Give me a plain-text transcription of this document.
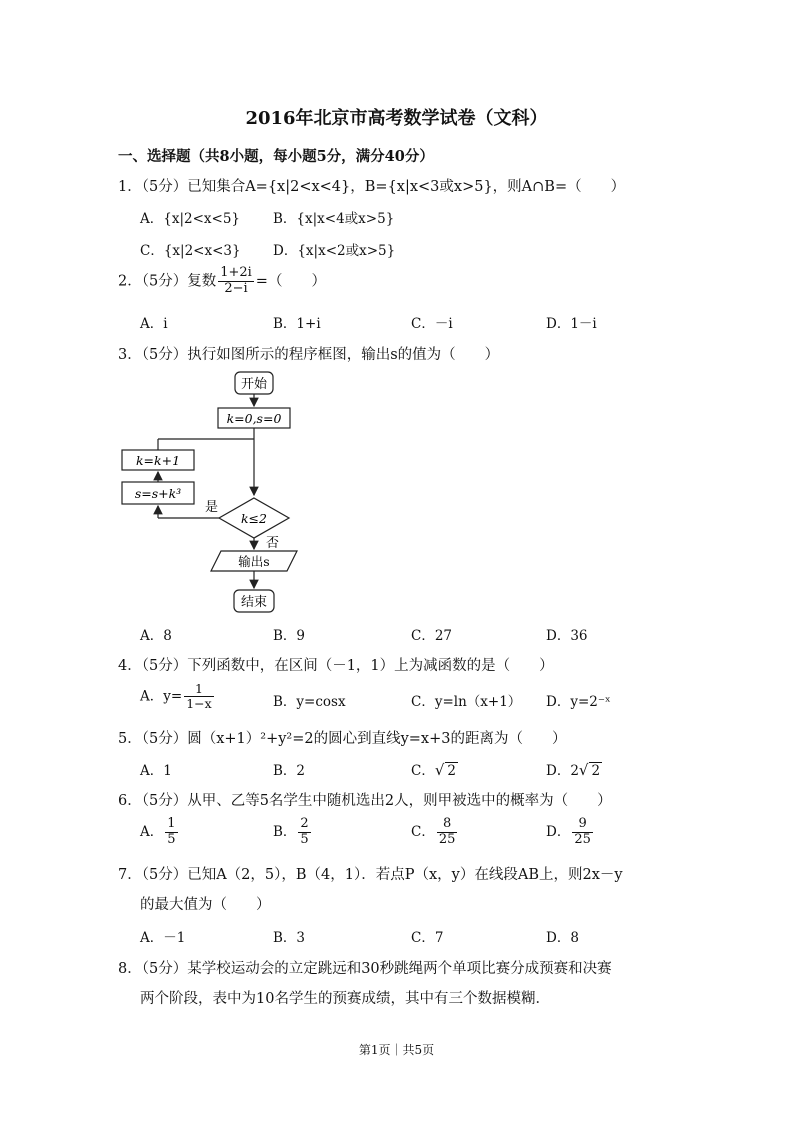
2016年北京市高考数学试卷（文科）
一、选择题（共8小题，每小题5分，满分40分）
1．（5分）已知集合A={x|2<x<4}，B={x|x<3或x>5}，则A∩B=（　　）
A．{x|2<x<5} B．{x|x<4或x>5}
C．{x|2<x<3} D．{x|x<2或x>5}
2．（5分）复数 $\frac{1+2i}{2-i}$ =（　　）
A．i	B．1+i	C．－i	D．1－i
3．（5分）执行如图所示的程序框图，输出s的值为（　　）
开始
k=0,s=0
k=k+1
s=s+k³
是
k≤2
否
输出s
结束
A．8	B．9	C．27	D．36
4．（5分）下列函数中，在区间（－1，1）上为减函数的是（　　）
A．$y= \frac{1}{1-x}$	B．y=cosx	C．y=ln（x+1） D．y=2⁻ˣ
5．（5分）圆（x+1）²+y²=2的圆心到直线y=x+3的距离为（　　）
A．1	B．2	C．√ 2	D．2√ 2
6．（5分）从甲、乙等5名学生中随机选出2人，则甲被选中的概率为（　　）
A． $\frac{1}{5}$	B． $\frac{2}{5}$	C． $\frac{8}{25}$	D． $\frac{9}{25}$
7．（5分）已知A（2，5），B（4，1）．若点P（x，y）在线段AB上，则2x－y
的最大值为（　　）
A．－1	B．3	C．7	D．8
8．（5分）某学校运动会的立定跳远和30秒跳绳两个单项比赛分成预赛和决赛
两个阶段，表中为10名学生的预赛成绩，其中有三个数据模糊．
第1页｜共5页
